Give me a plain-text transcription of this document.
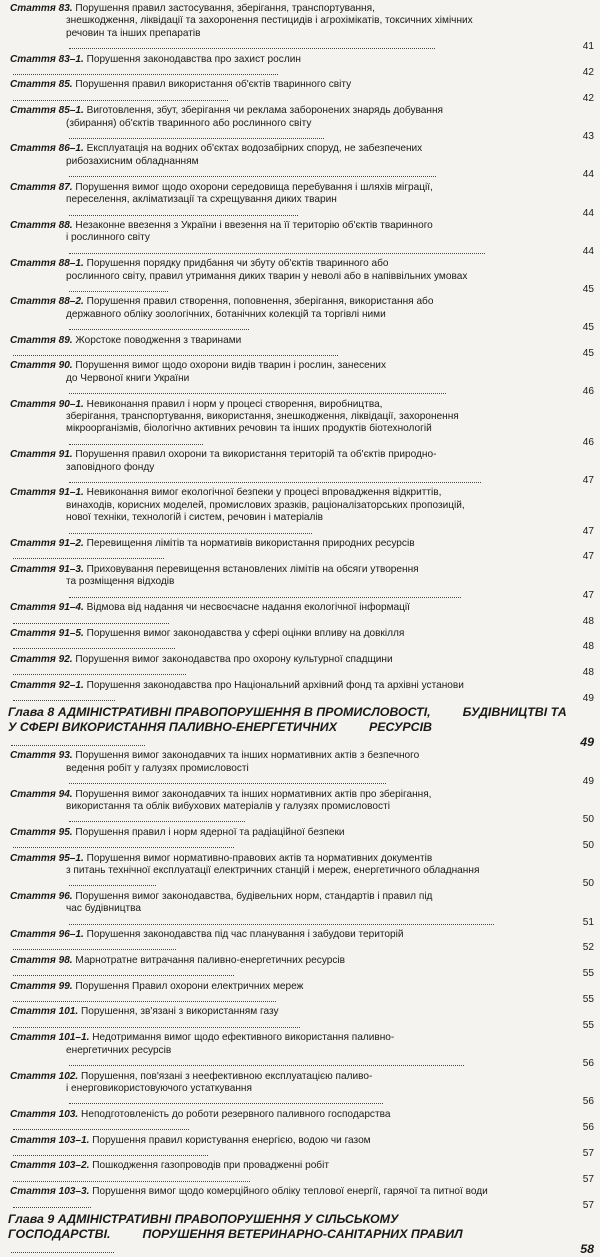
Стаття 83. Порушення правил застосування, зберігання, транспортування,
знешкодження, ліквідації та захоронення пестицидів і агрохімікатів, токсичних хімічних
речовин та інших препаратів
41
Стаття 83–1. Порушення законодавства про захист рослин
42
Стаття 85. Порушення правил використання об'єктів тваринного світу
42
Стаття 85–1. Виготовлення, збут, зберігання чи реклама заборонених знарядь добування
(збирання) об'єктів тваринного або рослинного світу
43
Стаття 86–1. Експлуатація на водних об'єктах водозабірних споруд, не забезпечених
рибозахисним обладнанням
44
Стаття 87. Порушення вимог щодо охорони середовища перебування і шляхів міграції,
переселення, акліматизації та схрещування диких тварин
44
Стаття 88. Незаконне ввезення з України і ввезення на її територію об'єктів тваринного
і рослинного світу
44
Стаття 88–1. Порушення порядку придбання чи збуту об'єктів тваринного або
рослинного світу, правил утримання диких тварин у неволі або в напіввільних умовах
45
Стаття 88–2. Порушення правил створення, поповнення, зберігання, використання або
державного обліку зоологічних, ботанічних колекцій та торгівлі ними
45
Стаття 89. Жорстоке поводження з тваринами
45
Стаття 90. Порушення вимог щодо охорони видів тварин і рослин, занесених
до Червоної книги України
46
Стаття 90–1. Невиконання правил і норм у процесі створення, виробництва,
зберігання, транспортування, використання, знешкодження, ліквідації, захоронення
мікроорганізмів, біологічно активних речовин та інших продуктів біотехнологій
46
Стаття 91. Порушення правил охорони та використання територій та об'єктів природно-
заповідного фонду
47
Стаття 91–1. Невиконання вимог екологічної безпеки у процесі впровадження відкриттів,
винаходів, корисних моделей, промислових зразків, раціоналізаторських пропозицій,
нової техніки, технологій і систем, речовин і матеріалів
47
Стаття 91–2. Перевищення лімітів та нормативів використання природних ресурсів
47
Стаття 91–3. Приховування перевищення встановлених лімітів на обсяги утворення
та розміщення відходів
47
Стаття 91–4. Відмова від надання чи несвоєчасне надання екологічної інформації
48
Стаття 91–5. Порушення вимог законодавства у сфері оцінки впливу на довкілля
48
Стаття 92. Порушення вимог законодавства про охорону культурної спадщини
48
Стаття 92–1. Порушення законодавства про Національний архівний фонд та архівні установи
49
Глава 8 АДМІНІСТРАТИВНІ ПРАВОПОРУШЕННЯ В ПРОМИСЛОВОСТІ,	БУДІВНИЦТВІ ТА У СФЕРІ ВИКОРИСТАННЯ ПАЛИВНО-ЕНЕРГЕТИЧНИХ	РЕСУРСІВ
49
Стаття 93. Порушення вимог законодавчих та інших нормативних актів з безпечного
ведення робіт у галузях промисловості
49
Стаття 94. Порушення вимог законодавчих та інших нормативних актів про зберігання,
використання та облік вибухових матеріалів у галузях промисловості
50
Стаття 95. Порушення правил і норм ядерної та радіаційної безпеки
50
Стаття 95–1. Порушення вимог нормативно-правових актів та нормативних документів
з питань технічної експлуатації електричних станцій і мереж, енергетичного обладнання
50
Стаття 96. Порушення вимог законодавства, будівельних норм, стандартів і правил під
час будівництва
51
Стаття 96–1. Порушення законодавства під час планування і забудови територій
52
Стаття 98. Марнотратне витрачання паливно-енергетичних ресурсів
55
Стаття 99. Порушення Правил охорони електричних мереж
55
Стаття 101. Порушення, зв'язані з використанням газу
55
Стаття 101–1. Недотримання вимог щодо ефективного використання паливно-
енергетичних ресурсів
56
Стаття 102. Порушення, пов'язані з неефективною експлуатацією паливо-
і енерговикористовуючого устаткування
56
Стаття 103. Неподготовленість до роботи резервного паливного господарства
56
Стаття 103–1. Порушення правил користування енергією, водою чи газом
57
Стаття 103–2. Пошкодження газопроводів при провадженні робіт
57
Стаття 103–3. Порушення вимог щодо комерційного обліку теплової енергії, гарячої та питної води
57
Глава 9 АДМІНІСТРАТИВНІ ПРАВОПОРУШЕННЯ У СІЛЬСЬКОМУ ГОСПОДАРСТВІ.	ПОРУШЕННЯ ВЕТЕРИНАРНО-САНІТАРНИХ ПРАВИЛ
58
